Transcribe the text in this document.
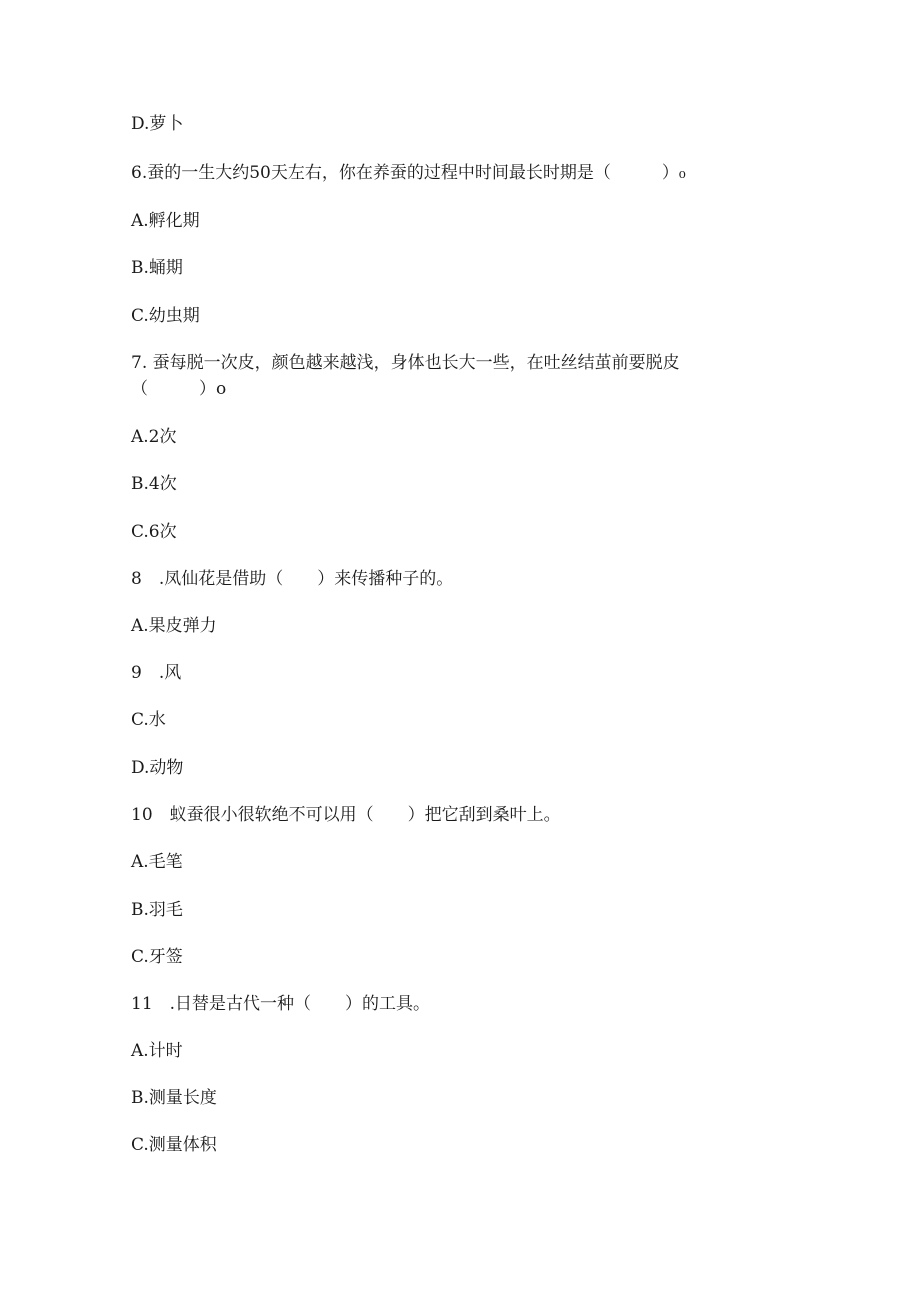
D.萝卜
6.蚕的一生大约50天左右，你在养蚕的过程中时间最长时期是（　　　）₀
A.孵化期
B.蛹期
C.幼虫期
7. 蚕每脱一次皮，颜色越来越浅，身体也长大一些，在吐丝结茧前要脱皮
（　　　）o
A.2次
B.4次
C.6次
8　.凤仙花是借助（　　）来传播种子的。
A.果皮弹力
9　.风
C.水
D.动物
10　蚁蚕很小很软绝不可以用（　　）把它刮到桑叶上。
A.毛笔
B.羽毛
C.牙签
11　.日替是古代一种（　　）的工具。
A.计时
B.测量长度
C.测量体积
